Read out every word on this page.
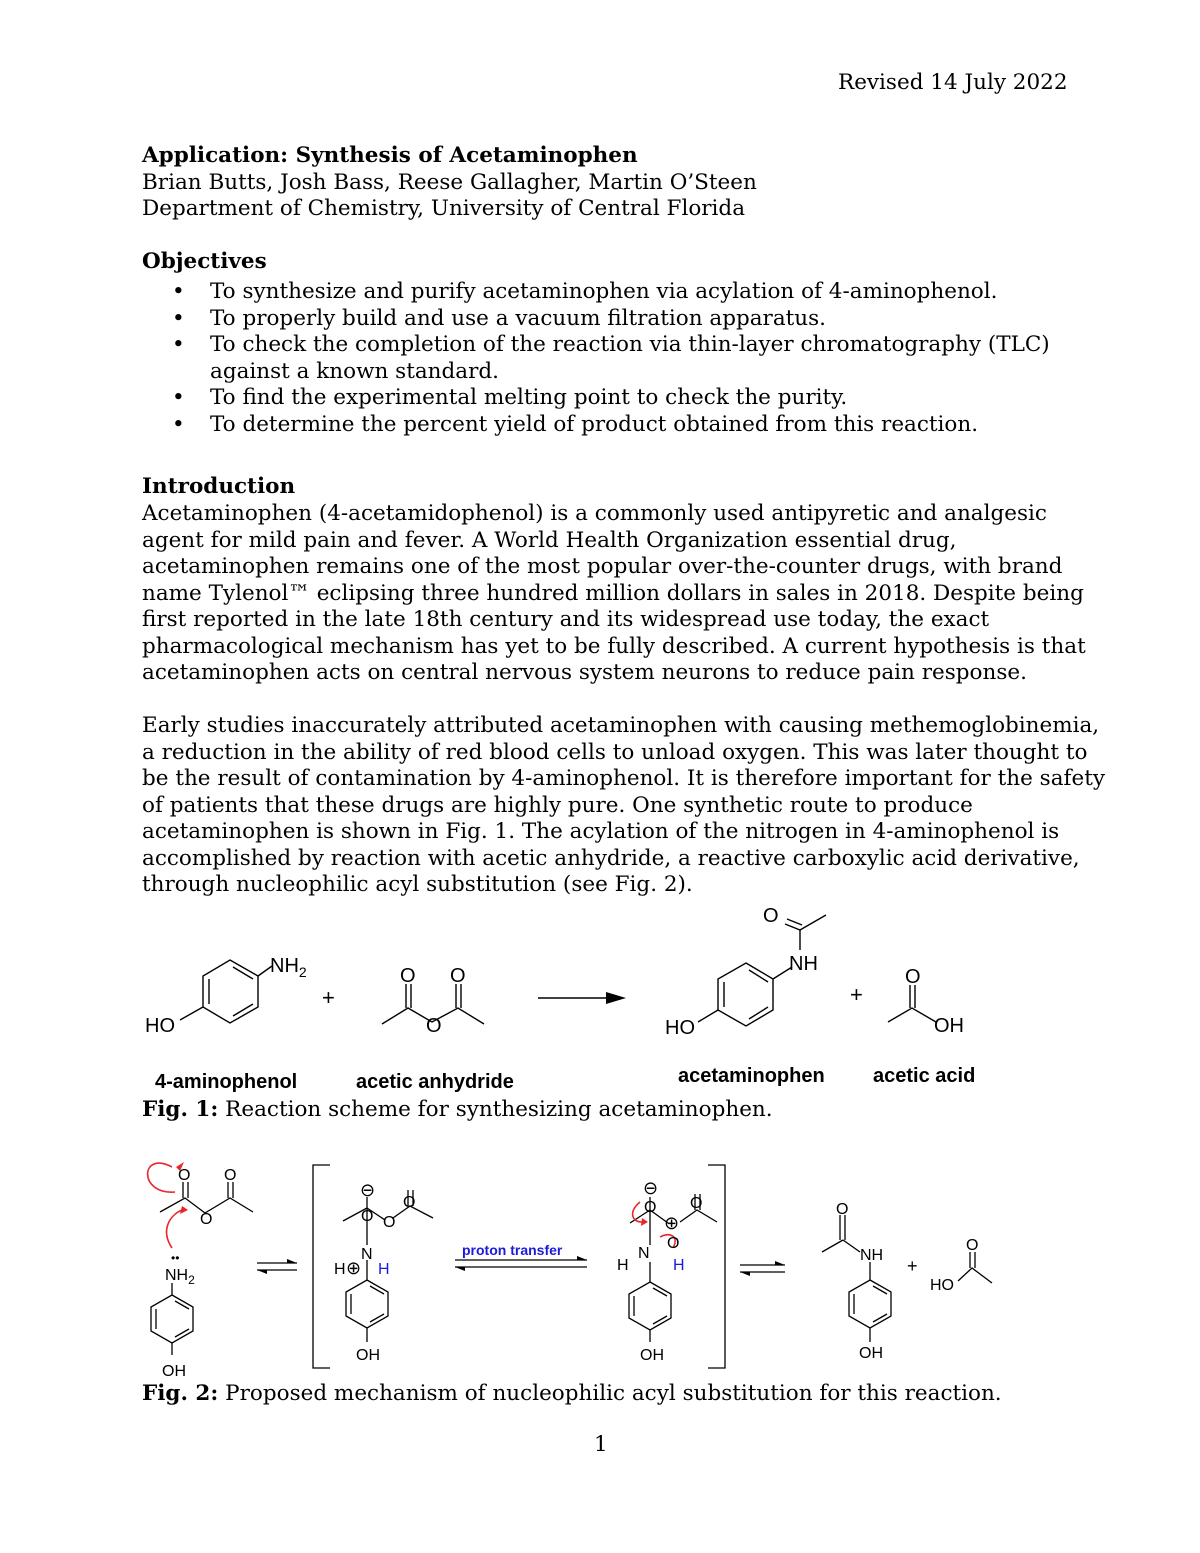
Revised 14 July 2022
Application: Synthesis of Acetaminophen
Brian Butts, Josh Bass, Reese Gallagher, Martin O’Steen
Department of Chemistry, University of Central Florida
Objectives
• To synthesize and purify acetaminophen via acylation of 4-aminophenol.
• To properly build and use a vacuum filtration apparatus.
• To check the completion of the reaction via thin-layer chromatography (TLC)
against a known standard.
• To find the experimental melting point to check the purity.
• To determine the percent yield of product obtained from this reaction.
Introduction
Acetaminophen (4-acetamidophenol) is a commonly used antipyretic and analgesic
agent for mild pain and fever. A World Health Organization essential drug,
acetaminophen remains one of the most popular over-the-counter drugs, with brand
name Tylenol™ eclipsing three hundred million dollars in sales in 2018. Despite being
first reported in the late 18th century and its widespread use today, the exact
pharmacological mechanism has yet to be fully described. A current hypothesis is that
acetaminophen acts on central nervous system neurons to reduce pain response.
Early studies inaccurately attributed acetaminophen with causing methemoglobinemia,
a reduction in the ability of red blood cells to unload oxygen. This was later thought to
be the result of contamination by 4-aminophenol. It is therefore important for the safety
of patients that these drugs are highly pure. One synthetic route to produce
acetaminophen is shown in Fig. 1. The acylation of the nitrogen in 4-aminophenol is
accomplished by reaction with acetic anhydride, a reactive carboxylic acid derivative,
through nucleophilic acyl substitution (see Fig. 2).
$NH_2$
HO
+
O O
O
O
NH
HO
+
O
OH
4-aminophenol	acetic anhydride	acetaminophen acetic acid
Fig. 1: Reaction scheme for synthesizing acetaminophen.
O O
O
••
$NH_2$
OH
⊖
O O
O
N
H ⊕ H
OH
proton transfer
⊖
O O
⊕
O
N
H	H
OH
O
NH
OH
+
O
HO
Fig. 2: Proposed mechanism of nucleophilic acyl substitution for this reaction.
1
